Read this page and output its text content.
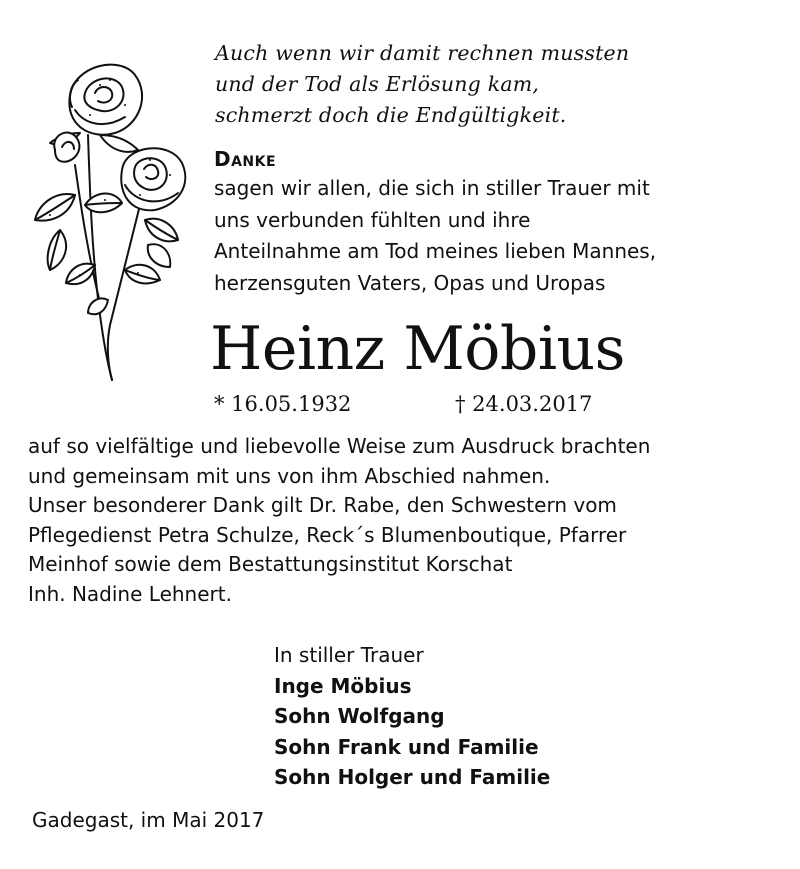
Auch wenn wir damit rechnen mussten
und der Tod als Erlösung kam,
schmerzt doch die Endgültigkeit.
Danke
sagen wir allen, die sich in stiller Trauer mit
uns verbunden fühlten und ihre
Anteilnahme am Tod meines lieben Mannes,
herzensguten Vaters, Opas und Uropas
Heinz Möbius
* 16.05.1932	† 24.03.2017
auf so vielfältige und liebevolle Weise zum Ausdruck brachten
und gemeinsam mit uns von ihm Abschied nahmen.
Unser besonderer Dank gilt Dr. Rabe, den Schwestern vom
Pflegedienst Petra Schulze, Reck´s Blumenboutique, Pfarrer
Meinhof sowie dem Bestattungsinstitut Korschat
Inh. Nadine Lehnert.
In stiller Trauer
Inge Möbius
Sohn Wolfgang
Sohn Frank und Familie
Sohn Holger und Familie
Gadegast, im Mai 2017
